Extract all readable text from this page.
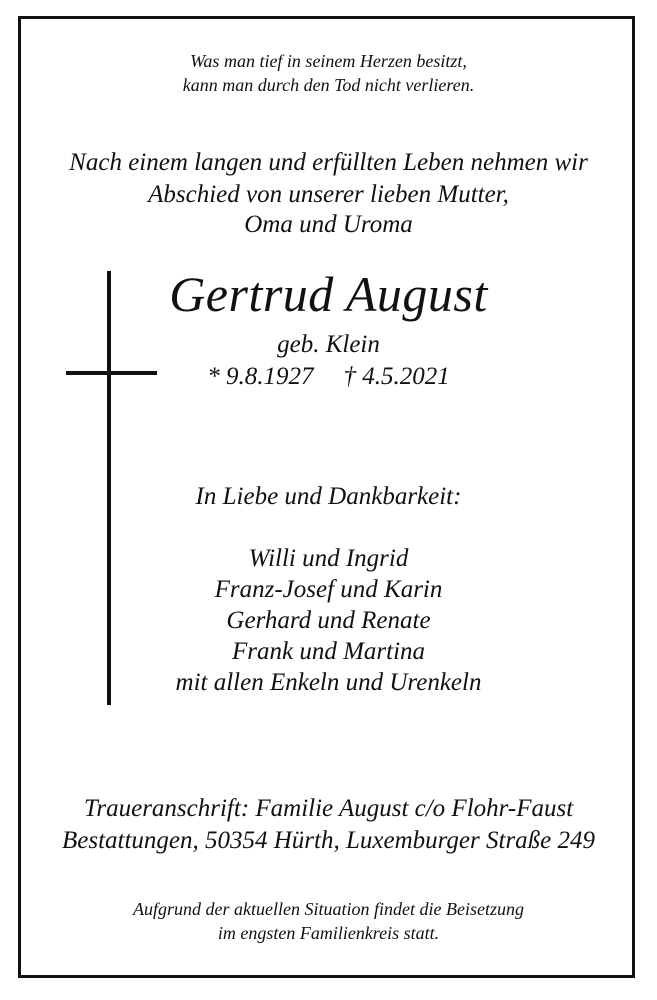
Was man tief in seinem Herzen besitzt,
kann man durch den Tod nicht verlieren.
Nach einem langen und erfüllten Leben nehmen wir
Abschied von unserer lieben Mutter,
Oma und Uroma
Gertrud August
geb. Klein
* 9.8.1927 † 4.5.2021
In Liebe und Dankbarkeit:
Willi und Ingrid
Franz-Josef und Karin
Gerhard und Renate
Frank und Martina
mit allen Enkeln und Urenkeln
Traueranschrift: Familie August c/o Flohr-Faust
Bestattungen, 50354 Hürth, Luxemburger Straße 249
Aufgrund der aktuellen Situation findet die Beisetzung
im engsten Familienkreis statt.
